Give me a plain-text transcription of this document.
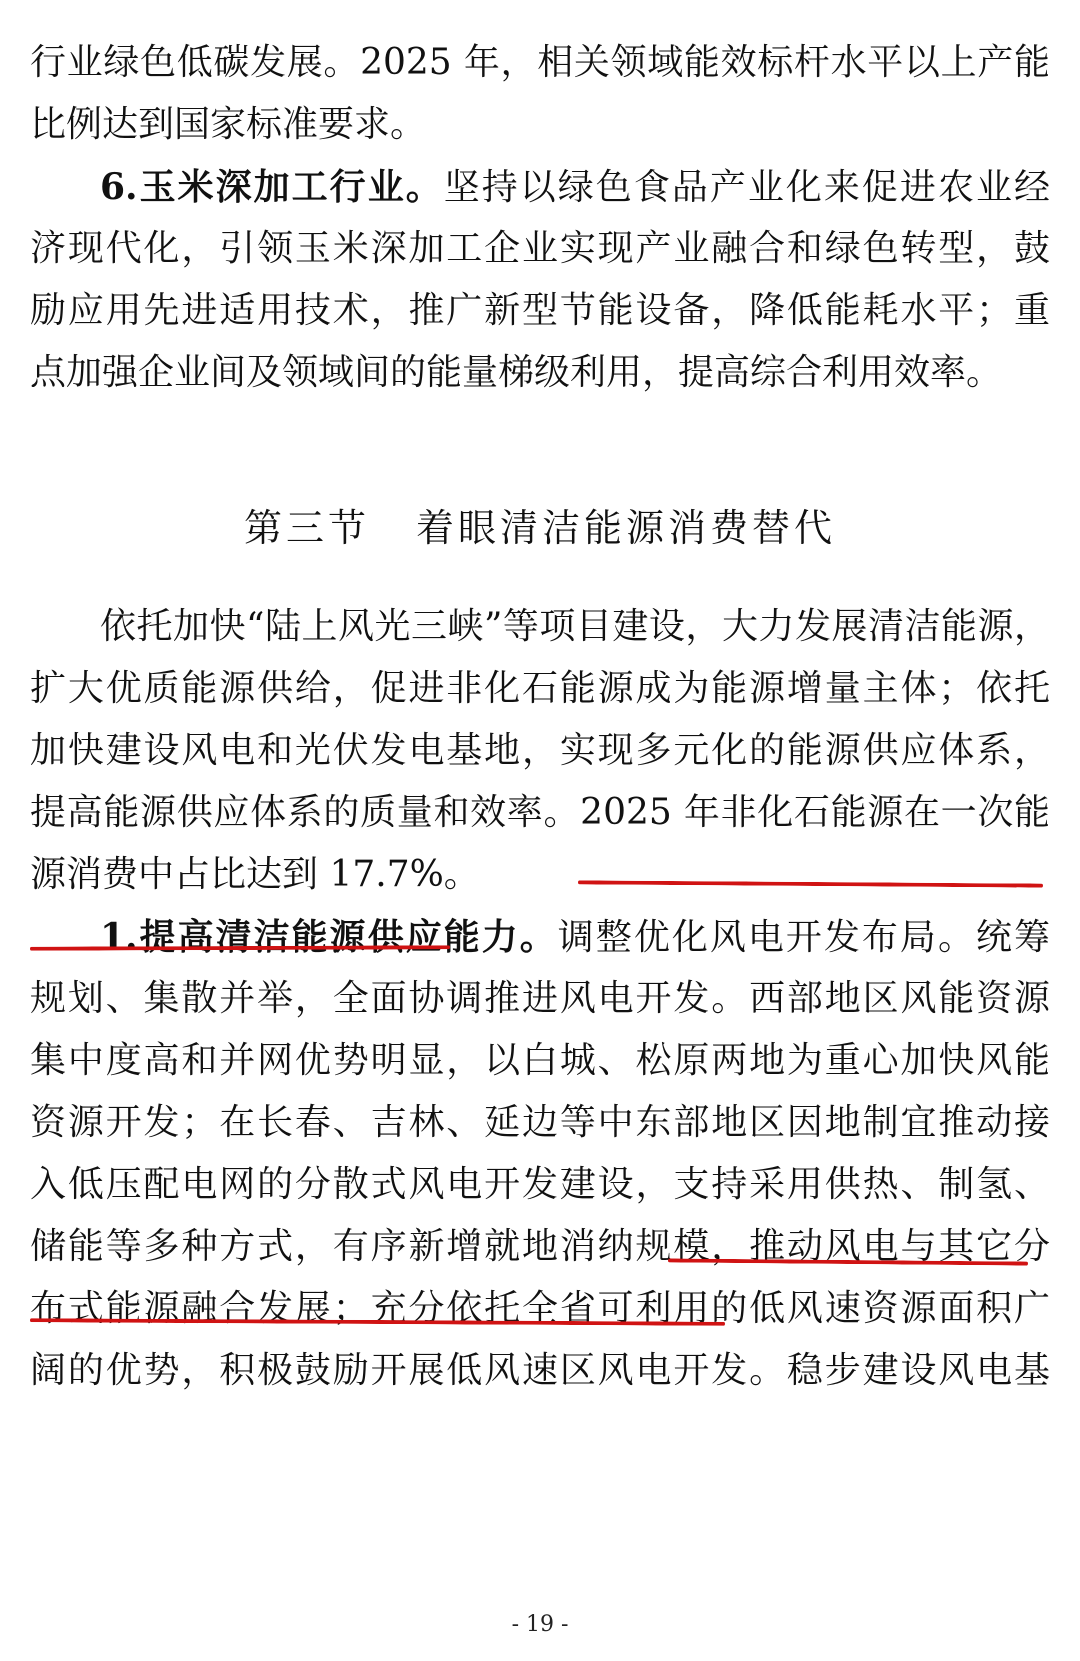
行业绿色低碳发展。2025 年，相关领域能效标杆水平以上产能
比例达到国家标准要求。
6.玉米深加工行业。坚持以绿色食品产业化来促进农业经
济现代化，引领玉米深加工企业实现产业融合和绿色转型，鼓
励应用先进适用技术，推广新型节能设备，降低能耗水平；重
点加强企业间及领域间的能量梯级利用，提高综合利用效率。
第三节 着眼清洁能源消费替代
依托加快“陆上风光三峡”等项目建设，大力发展清洁能源，
扩大优质能源供给，促进非化石能源成为能源增量主体；依托
加快建设风电和光伏发电基地，实现多元化的能源供应体系，
提高能源供应体系的质量和效率。2025 年非化石能源在一次能
源消费中占比达到 17.7%。
1.提高清洁能源供应能力。调整优化风电开发布局。统筹
规划、集散并举，全面协调推进风电开发。西部地区风能资源
集中度高和并网优势明显，以白城、松原两地为重心加快风能
资源开发；在长春、吉林、延边等中东部地区因地制宜推动接
入低压配电网的分散式风电开发建设，支持采用供热、制氢、
储能等多种方式，有序新增就地消纳规模，推动风电与其它分
布式能源融合发展；充分依托全省可利用的低风速资源面积广
阔的优势，积极鼓励开展低风速区风电开发。稳步建设风电基
- 19 -
